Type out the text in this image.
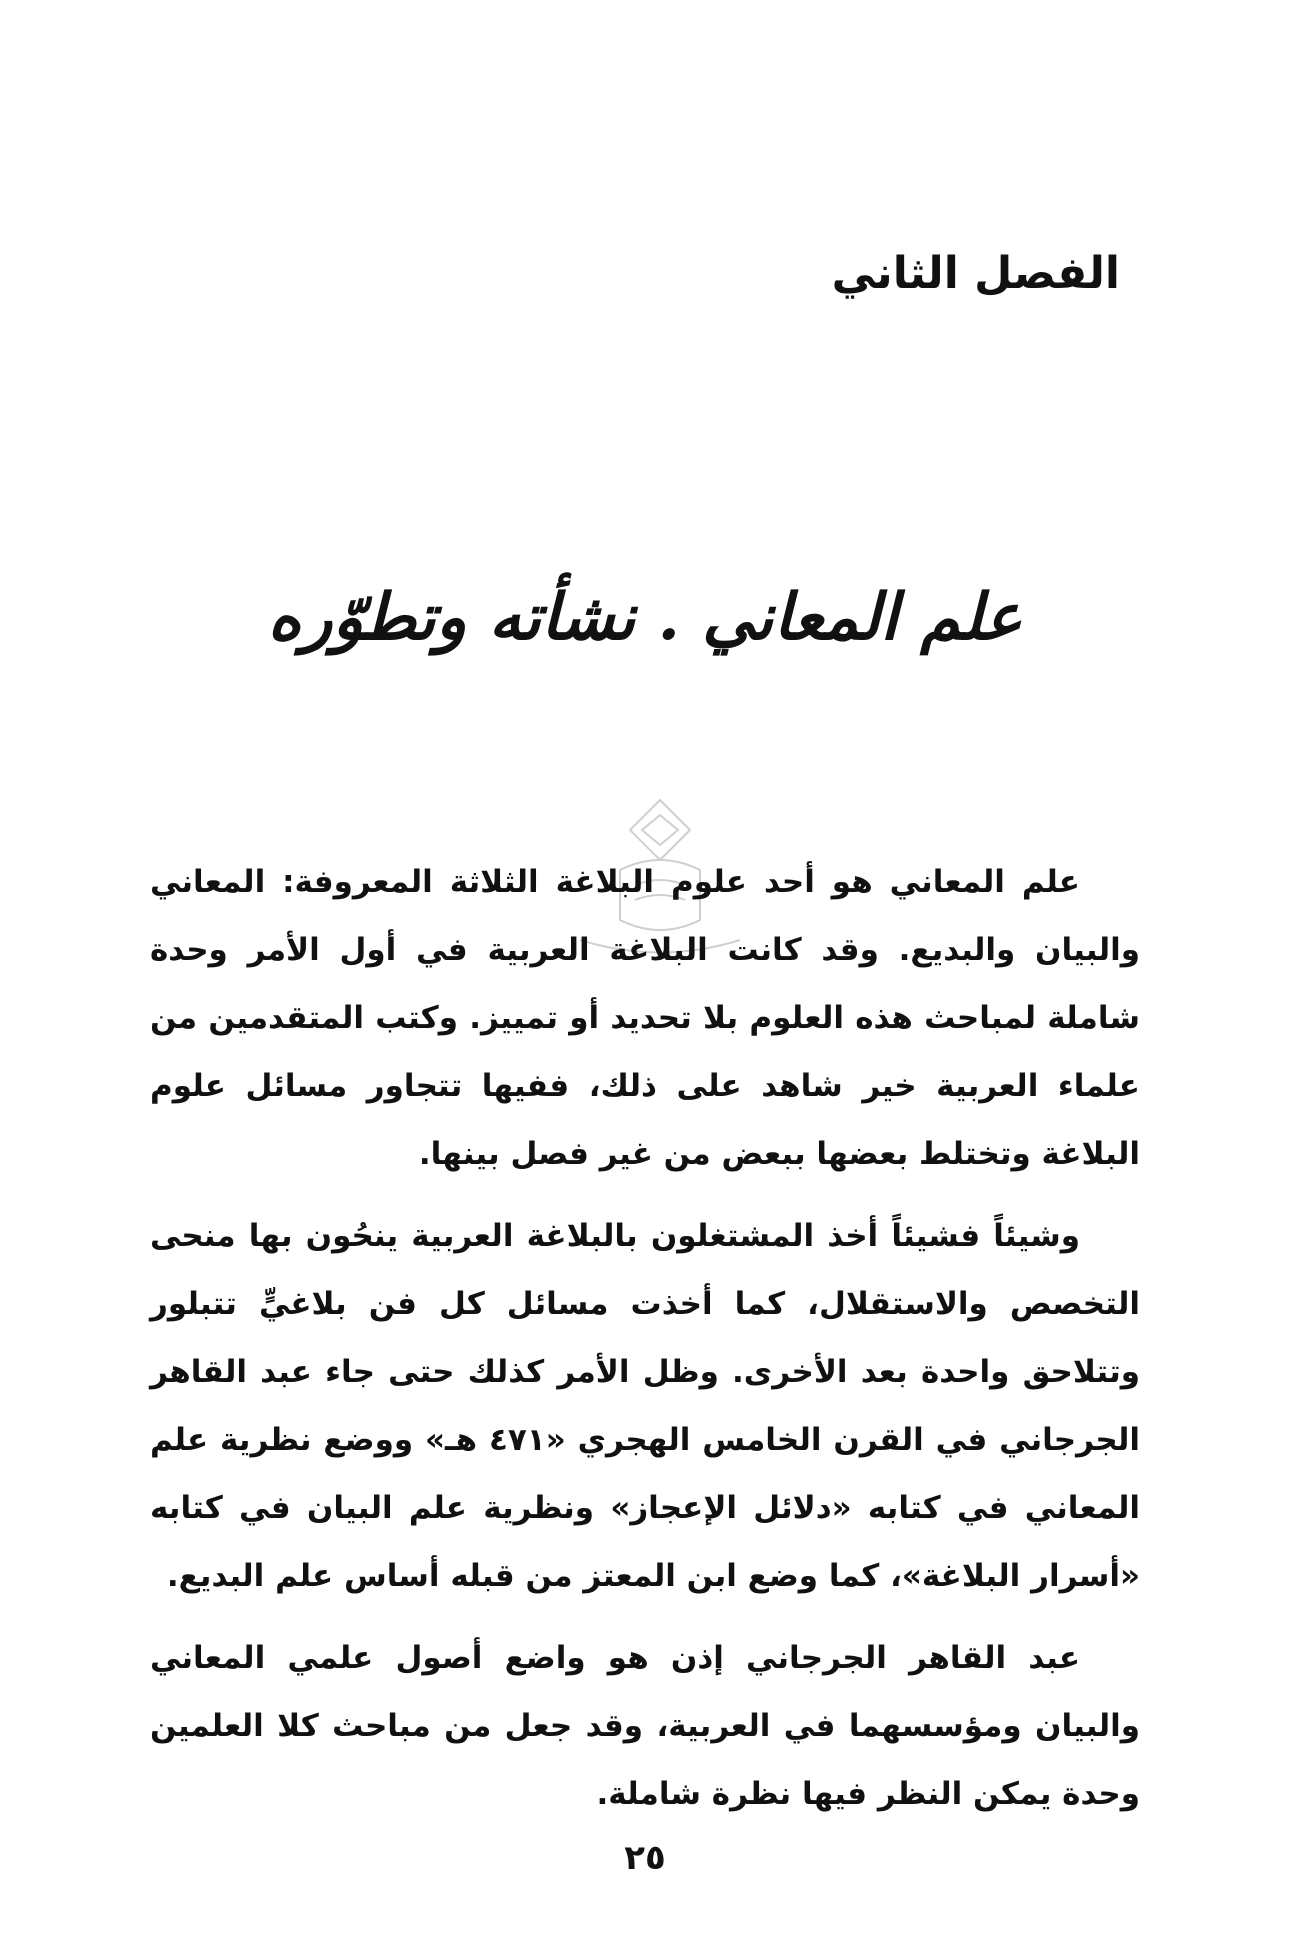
الفصل الثاني
علم المعاني . نشأته وتطوّره

علم المعاني هو أحد علوم البلاغة الثلاثة المعروفة: المعاني والبيان والبديع. وقد كانت البلاغة العربية في أول الأمر وحدة شاملة لمباحث هذه العلوم بلا تحديد أو تمييز. وكتب المتقدمين من علماء العربية خير شاهد على ذلك، ففيها تتجاور مسائل علوم البلاغة وتختلط بعضها ببعض من غير فصل بينها.

وشيئاً فشيئاً أخذ المشتغلون بالبلاغة العربية ينحُون بها منحى التخصص والاستقلال، كما أخذت مسائل كل فن بلاغيٍّ تتبلور وتتلاحق واحدة بعد الأخرى. وظل الأمر كذلك حتى جاء عبد القاهر الجرجاني في القرن الخامس الهجري «٤٧١ هـ» ووضع نظرية علم المعاني في كتابه «دلائل الإعجاز» ونظرية علم البيان في كتابه «أسرار البلاغة»، كما وضع ابن المعتز من قبله أساس علم البديع.

عبد القاهر الجرجاني إذن هو واضع أصول علمي المعاني والبيان ومؤسسهما في العربية، وقد جعل من مباحث كلا العلمين وحدة يمكن النظر فيها نظرة شاملة.

٢٥
